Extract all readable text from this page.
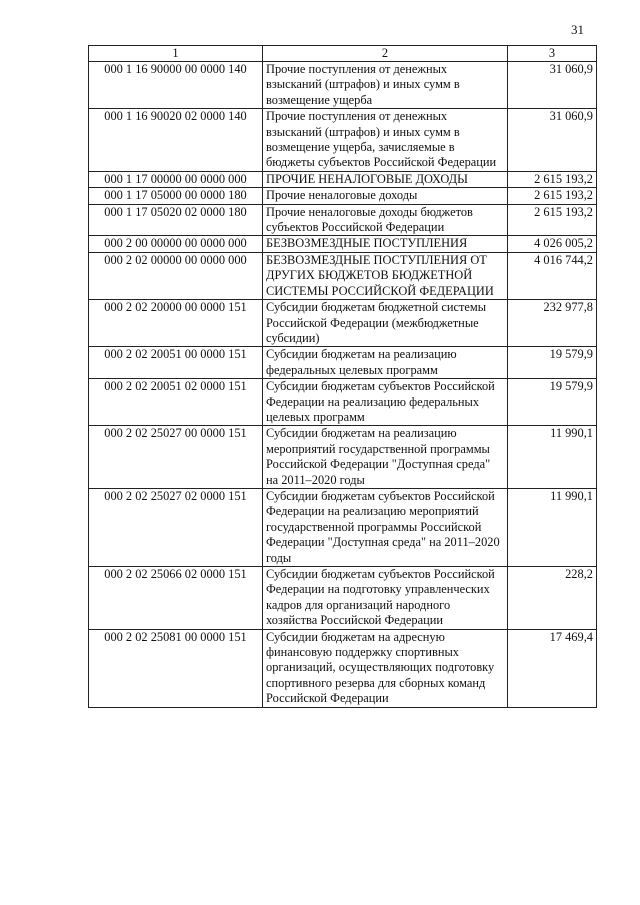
31
1	2	3
000 1 16 90000 00 0000 140	Прочие поступления от денежных взысканий (штрафов) и иных сумм в возмещение ущерба	31 060,9
000 1 16 90020 02 0000 140	Прочие поступления от денежных взысканий (штрафов) и иных сумм в возмещение ущерба, зачисляемые в бюджеты субъектов Российской Федерации	31 060,9
000 1 17 00000 00 0000 000	ПРОЧИЕ НЕНАЛОГОВЫЕ ДОХОДЫ	2 615 193,2
000 1 17 05000 00 0000 180	Прочие неналоговые доходы	2 615 193,2
000 1 17 05020 02 0000 180	Прочие неналоговые доходы бюджетов субъектов Российской Федерации	2 615 193,2
000 2 00 00000 00 0000 000	БЕЗВОЗМЕЗДНЫЕ ПОСТУПЛЕНИЯ	4 026 005,2
000 2 02 00000 00 0000 000	БЕЗВОЗМЕЗДНЫЕ ПОСТУПЛЕНИЯ ОТ ДРУГИХ БЮДЖЕТОВ БЮДЖЕТНОЙ СИСТЕМЫ РОССИЙСКОЙ ФЕДЕРАЦИИ	4 016 744,2
000 2 02 20000 00 0000 151	Субсидии бюджетам бюджетной системы Российской Федерации (межбюджетные субсидии)	232 977,8
000 2 02 20051 00 0000 151	Субсидии бюджетам на реализацию федеральных целевых программ	19 579,9
000 2 02 20051 02 0000 151	Субсидии бюджетам субъектов Российской Федерации на реализацию федеральных целевых программ	19 579,9
000 2 02 25027 00 0000 151	Субсидии бюджетам на реализацию мероприятий государственной программы Российской Федерации "Доступная среда" на 2011–2020 годы	11 990,1
000 2 02 25027 02 0000 151	Субсидии бюджетам субъектов Российской Федерации на реализацию мероприятий государственной программы Российской Федерации "Доступная среда" на 2011–2020 годы	11 990,1
000 2 02 25066 02 0000 151	Субсидии бюджетам субъектов Российской Федерации на подготовку управленческих кадров для организаций народного хозяйства Российской Федерации	228,2
000 2 02 25081 00 0000 151	Субсидии бюджетам на адресную финансовую поддержку спортивных организаций, осуществляющих подготовку спортивного резерва для сборных команд Российской Федерации	17 469,4
